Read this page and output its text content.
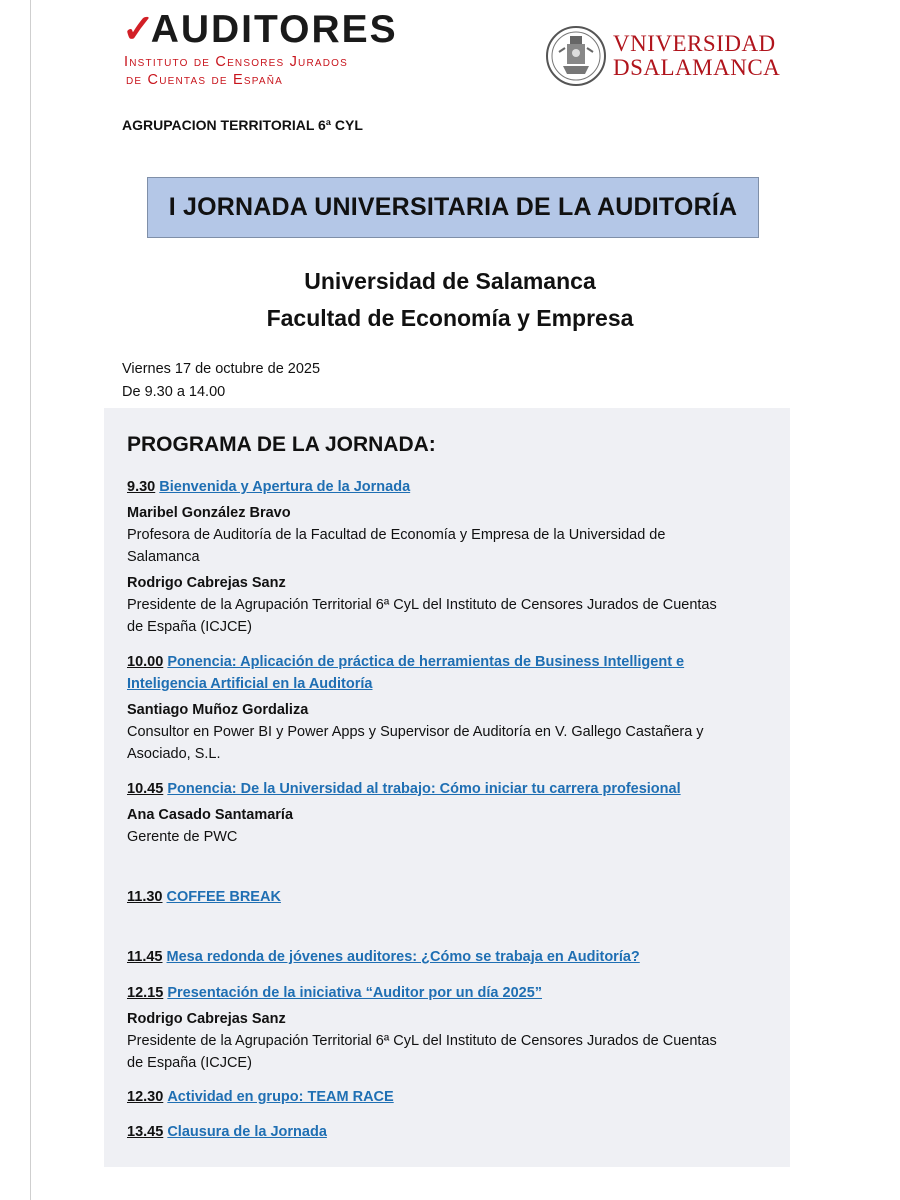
✓AUDITORES
Instituto de Censores Jurados
de Cuentas de España
VNIVERSIDAD
DSALAMANCA
AGRUPACION TERRITORIAL 6ª CYL
I JORNADA UNIVERSITARIA DE LA AUDITORÍA
Universidad de Salamanca
Facultad de Economía y Empresa
Viernes 17 de octubre de 2025
De 9.30 a 14.00
PROGRAMA DE LA JORNADA:
9.30 Bienvenida y Apertura de la Jornada
Maribel González Bravo
Profesora de Auditoría de la Facultad de Economía y Empresa de la Universidad de
Salamanca
Rodrigo Cabrejas Sanz
Presidente de la Agrupación Territorial 6ª CyL del Instituto de Censores Jurados de Cuentas
de España (ICJCE)
10.00 Ponencia: Aplicación de práctica de herramientas de Business Intelligent e
Inteligencia Artificial en la Auditoría
Santiago Muñoz Gordaliza
Consultor en Power BI y Power Apps y Supervisor de Auditoría en V. Gallego Castañera y
Asociado, S.L.
10.45 Ponencia: De la Universidad al trabajo: Cómo iniciar tu carrera profesional
Ana Casado Santamaría
Gerente de PWC
11.30 COFFEE BREAK
11.45 Mesa redonda de jóvenes auditores: ¿Cómo se trabaja en Auditoría?
12.15 Presentación de la iniciativa “Auditor por un día 2025”
Rodrigo Cabrejas Sanz
Presidente de la Agrupación Territorial 6ª CyL del Instituto de Censores Jurados de Cuentas
de España (ICJCE)
12.30 Actividad en grupo: TEAM RACE
13.45 Clausura de la Jornada
